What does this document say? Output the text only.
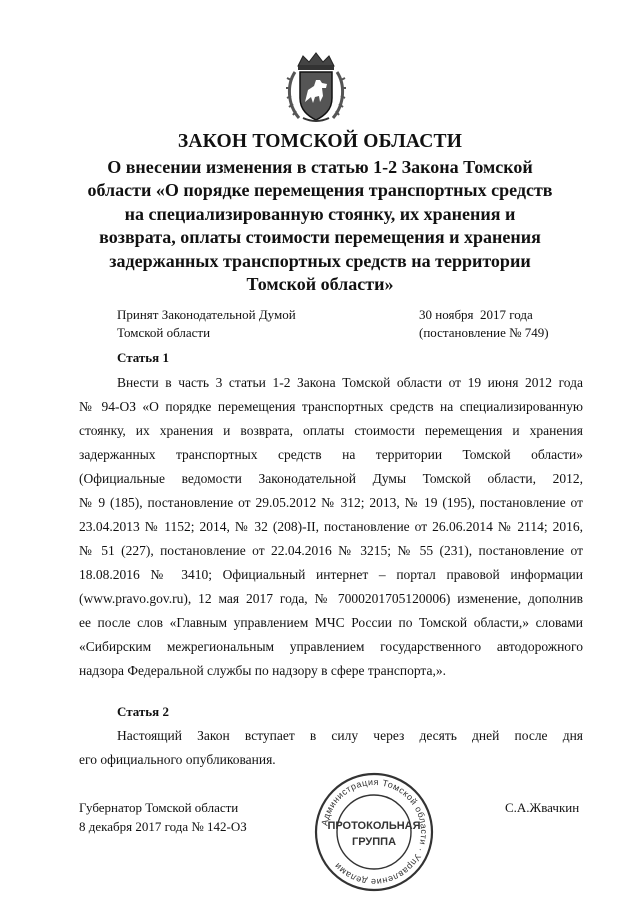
ЗАКОН ТОМСКОЙ ОБЛАСТИ
О внесении изменения в статью 1-2 Закона Томской
области «О порядке перемещения транспортных средств
на специализированную стоянку, их хранения и
возврата, оплаты стоимости перемещения и хранения
задержанных транспортных средств на территории
Томской области»
Принят Законодательной Думой
Томской области
30 ноября  2017 года
(постановление № 749)
Статья 1
Внести в часть 3 статьи 1-2 Закона Томской области от 19 июня 2012 года
№ 94-ОЗ «О порядке перемещения транспортных средств на специализированную
стоянку, их хранения и возврата, оплаты стоимости перемещения и хранения
задержанных транспортных средств на территории Томской области»
(Официальные ведомости Законодательной Думы Томской области, 2012,
№ 9 (185), постановление от 29.05.2012 № 312; 2013, № 19 (195), постановление от
23.04.2013 № 1152; 2014, № 32 (208)-II, постановление от 26.06.2014 № 2114; 2016,
№ 51 (227), постановление от 22.04.2016 № 3215; № 55 (231), постановление от
18.08.2016 № 3410; Официальный интернет – портал правовой информации
(www.pravo.gov.ru), 12 мая 2017 года, № 7000201705120006) изменение, дополнив
ее после слов «Главным управлением МЧС России по Томской области,» словами
«Сибирским межрегиональным управлением государственного автодорожного
надзора Федеральной службы по надзору в сфере транспорта,».
Статья 2
Настоящий Закон вступает в силу через десять дней после дня
его официального опубликования.
Губернатор Томской области
8 декабря 2017 года № 142-ОЗ
С.А.Жвачкин
Администрация Томской области · Управление делами
ПРОТОКОЛЬНАЯ
ГРУППА
